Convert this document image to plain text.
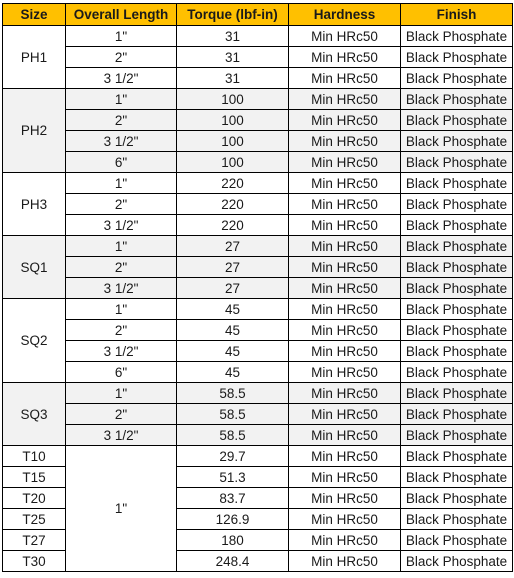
Size	Overall Length	Torque (lbf-in)	Hardness	Finish
PH1	1"	31	Min HRc50	Black Phosphate
	2"	31	Min HRc50	Black Phosphate
	3 1/2"	31	Min HRc50	Black Phosphate
PH2	1"	100	Min HRc50	Black Phosphate
	2"	100	Min HRc50	Black Phosphate
	3 1/2"	100	Min HRc50	Black Phosphate
	6"	100	Min HRc50	Black Phosphate
PH3	1"	220	Min HRc50	Black Phosphate
	2"	220	Min HRc50	Black Phosphate
	3 1/2"	220	Min HRc50	Black Phosphate
SQ1	1"	27	Min HRc50	Black Phosphate
	2"	27	Min HRc50	Black Phosphate
	3 1/2"	27	Min HRc50	Black Phosphate
SQ2	1"	45	Min HRc50	Black Phosphate
	2"	45	Min HRc50	Black Phosphate
	3 1/2"	45	Min HRc50	Black Phosphate
	6"	45	Min HRc50	Black Phosphate
SQ3	1"	58.5	Min HRc50	Black Phosphate
	2"	58.5	Min HRc50	Black Phosphate
	3 1/2"	58.5	Min HRc50	Black Phosphate
T10	1"	29.7	Min HRc50	Black Phosphate
T15		51.3	Min HRc50	Black Phosphate
T20		83.7	Min HRc50	Black Phosphate
T25		126.9	Min HRc50	Black Phosphate
T27		180	Min HRc50	Black Phosphate
T30		248.4	Min HRc50	Black Phosphate
